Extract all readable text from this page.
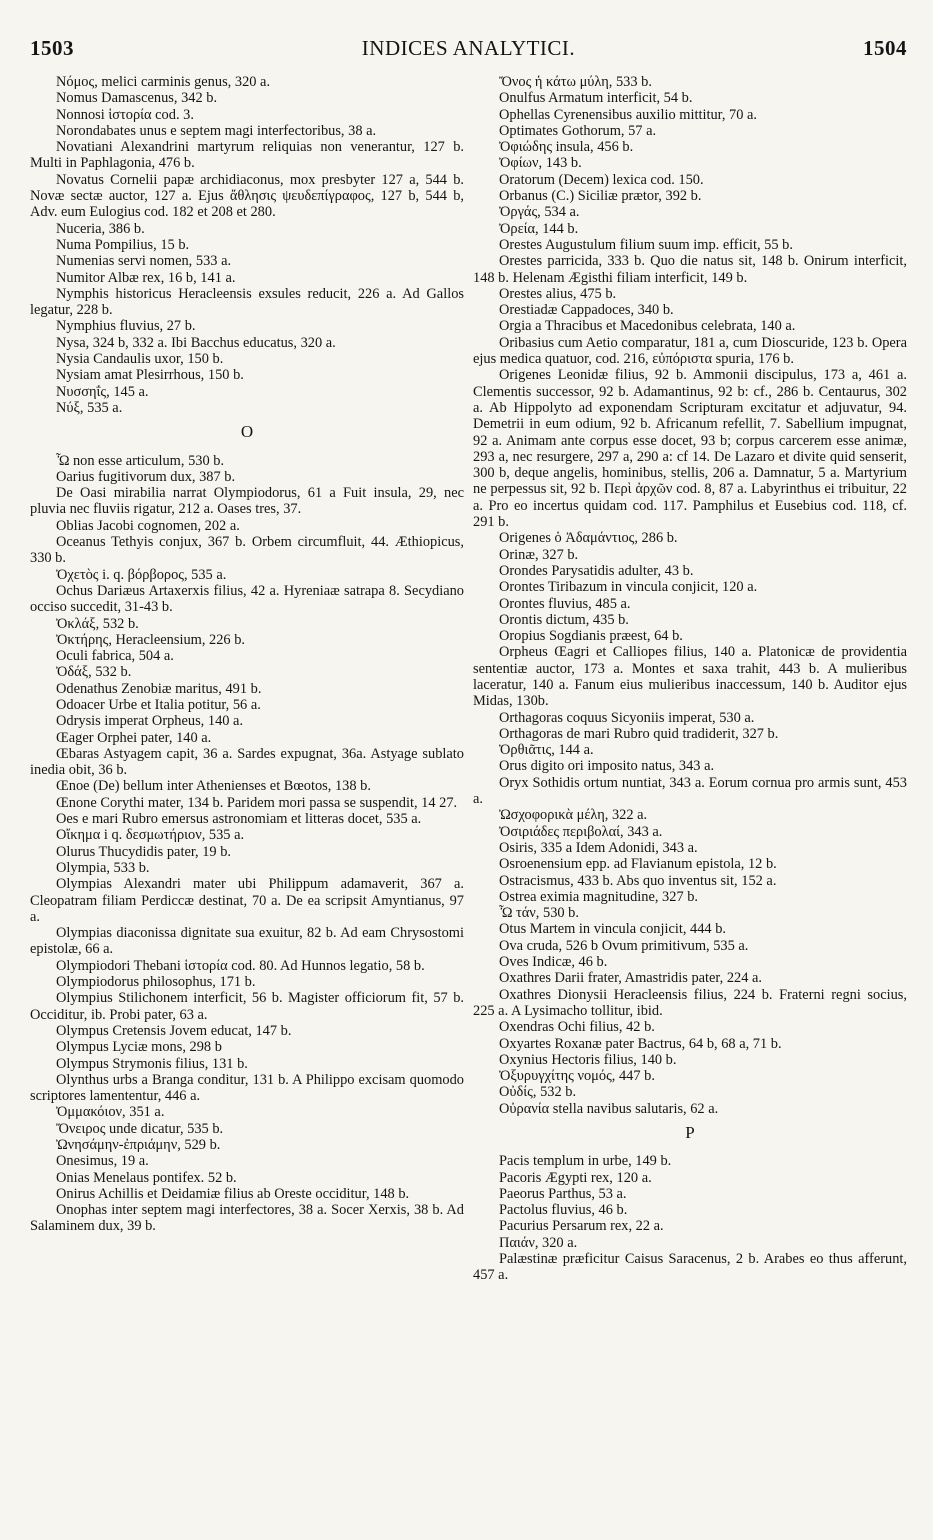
1503	INDICES ANALYTICI.	1504
Νόμος, melici carminis genus, 320 a.
Nomus Damascenus, 342 b.
Nonnosi ἱστορία cod. 3.
Norondabates unus e septem magi interfectoribus, 38 a.
Novatiani Alexandrini martyrum reliquias non venerantur, 127 b. Multi in Paphlagonia, 476 b.
Novatus Cornelii papæ archidiaconus, mox presbyter 127 a, 544 b. Novæ sectæ auctor, 127 a. Ejus ἄθλησις ψευδεπίγραφος, 127 b, 544 b, Adv. eum Eulogius cod. 182 et 208 et 280.
Nuceria, 386 b.
Numa Pompilius, 15 b.
Numenias servi nomen, 533 a.
Numitor Albæ rex, 16 b, 141 a.
Nymphis historicus Heracleensis exsules reducit, 226 a. Ad Gallos legatur, 228 b.
Nymphius fluvius, 27 b.
Nysa, 324 b, 332 a. Ibi Bacchus educatus, 320 a.
Nysia Candaulis uxor, 150 b.
Nysiam amat Plesirrhous, 150 b.
Νυσσηΐς, 145 a.
Νύξ, 535 a.
O
Ὦ non esse articulum, 530 b.
Oarius fugitivorum dux, 387 b.
De Oasi mirabilia narrat Olympiodorus, 61 a Fuit insula, 29, nec pluvia nec fluviis rigatur, 212 a. Oases tres, 37.
Oblias Jacobi cognomen, 202 a.
Oceanus Tethyis conjux, 367 b. Orbem circumfluit, 44. Æthiopicus, 330 b.
Ὀχετὸς i. q. βόρβορος, 535 a.
Ochus Dariæus Artaxerxis filius, 42 a. Hyreniaæ satrapa 8. Secydiano occiso succedit, 31-43 b.
Ὀκλάξ, 532 b.
Ὀκτήρης, Heracleensium, 226 b.
Oculi fabrica, 504 a.
Ὀδάξ, 532 b.
Odenathus Zenobiæ maritus, 491 b.
Odoacer Urbe et Italia potitur, 56 a.
Odrysis imperat Orpheus, 140 a.
Œager Orphei pater, 140 a.
Œbaras Astyagem capit, 36 a. Sardes expugnat, 36a. Astyage sublato inedia obit, 36 b.
Œnoe (De) bellum inter Athenienses et Bœotos, 138 b.
Œnone Corythi mater, 134 b. Paridem mori passa se suspendit, 14 27.
Oes e mari Rubro emersus astronomiam et litteras docet, 535 a.
Οἴκημα i q. δεσμωτήριον, 535 a.
Olurus Thucydidis pater, 19 b.
Olympia, 533 b.
Olympias Alexandri mater ubi Philippum adamaverit, 367 a. Cleopatram filiam Perdiccæ destinat, 70 a. De ea scripsit Amyntianus, 97 a.
Olympias diaconissa dignitate sua exuitur, 82 b. Ad eam Chrysostomi epistolæ, 66 a.
Olympiodori Thebani ἱστορία cod. 80. Ad Hunnos legatio, 58 b.
Olympiodorus philosophus, 171 b.
Olympius Stilichonem interficit, 56 b. Magister officiorum fit, 57 b. Occiditur, ib. Probi pater, 63 a.
Olympus Cretensis Jovem educat, 147 b.
Olympus Lyciæ mons, 298 b
Olympus Strymonis filius, 131 b.
Olynthus urbs a Branga conditur, 131 b. A Philippo excisam quomodo scriptores lamententur, 446 a.
Ὀμμακόιον, 351 a.
Ὄνειρος unde dicatur, 535 b.
Ὠνησάμην-ἐπριάμην, 529 b.
Onesimus, 19 a.
Onias Menelaus pontifex. 52 b.
Onirus Achillis et Deidamiæ filius ab Oreste occiditur, 148 b.
Onophas inter septem magi interfectores, 38 a. Socer Xerxis, 38 b. Ad Salaminem dux, 39 b.
Ὄνος ἡ κάτω μύλη, 533 b.
Onulfus Armatum interficit, 54 b.
Ophellas Cyrenensibus auxilio mittitur, 70 a.
Optimates Gothorum, 57 a.
Ὀφιώδης insula, 456 b.
Ὀφίων, 143 b.
Oratorum (Decem) lexica cod. 150.
Orbanus (C.) Siciliæ prætor, 392 b.
Ὀργάς, 534 a.
Ὀρεία, 144 b.
Orestes Augustulum filium suum imp. efficit, 55 b.
Orestes parricida, 333 b. Quo die natus sit, 148 b. Onirum interficit, 148 b. Helenam Ægisthi filiam interficit, 149 b.
Orestes alius, 475 b.
Orestiadæ Cappadoces, 340 b.
Orgia a Thracibus et Macedonibus celebrata, 140 a.
Oribasius cum Aetio comparatur, 181 a, cum Dioscuride, 123 b. Opera ejus medica quatuor, cod. 216, εὐπόριστα spuria, 176 b.
Origenes Leonidæ filius, 92 b. Ammonii discipulus, 173 a, 461 a. Clementis successor, 92 b. Adamantinus, 92 b: cf., 286 b. Centaurus, 302 a. Ab Hippolyto ad exponendam Scripturam excitatur et adjuvatur, 94. Demetrii in eum odium, 92 b. Africanum refellit, 7. Sabellium impugnat, 92 a. Animam ante corpus esse docet, 93 b; corpus carcerem esse animæ, 293 a, nec resurgere, 297 a, 290 a: cf 14. De Lazaro et divite quid senserit, 300 b, deque angelis, hominibus, stellis, 206 a. Damnatur, 5 a. Martyrium ne perpessus sit, 92 b. Περὶ ἀρχῶν cod. 8, 87 a. Labyrinthus ei tribuitur, 22 a. Pro eo incertus quidam cod. 117. Pamphilus et Eusebius cod. 118, cf. 291 b.
Origenes ὁ Ἀδαμάντιος, 286 b.
Orinæ, 327 b.
Orondes Parysatidis adulter, 43 b.
Orontes Tiribazum in vincula conjicit, 120 a.
Orontes fluvius, 485 a.
Orontis dictum, 435 b.
Oropius Sogdianis præest, 64 b.
Orpheus Œagri et Calliopes filius, 140 a. Platonicæ de providentia sententiæ auctor, 173 a. Montes et saxa trahit, 443 b. A mulieribus laceratur, 140 a. Fanum eius mulieribus inaccessum, 140 b. Auditor ejus Midas, 130b.
Orthagoras coquus Sicyoniis imperat, 530 a.
Orthagoras de mari Rubro quid tradiderit, 327 b.
Ὀρθιᾶτις, 144 a.
Orus digito ori imposito natus, 343 a.
Oryx Sothidis ortum nuntiat, 343 a. Eorum cornua pro armis sunt, 453 a.
Ὠσχοφορικὰ μέλη, 322 a.
Ὀσιριάδες περιβολαί, 343 a.
Osiris, 335 a Idem Adonidi, 343 a.
Osroenensium epp. ad Flavianum epistola, 12 b.
Ostracismus, 433 b. Abs quo inventus sit, 152 a.
Ostrea eximia magnitudine, 327 b.
Ὦ τάν, 530 b.
Otus Martem in vincula conjicit, 444 b.
Ova cruda, 526 b Ovum primitivum, 535 a.
Oves Indicæ, 46 b.
Oxathres Darii frater, Amastridis pater, 224 a.
Oxathres Dionysii Heracleensis filius, 224 b. Fraterni regni socius, 225 a. A Lysimacho tollitur, ibid.
Oxendras Ochi filius, 42 b.
Oxyartes Roxanæ pater Bactrus, 64 b, 68 a, 71 b.
Oxynius Hectoris filius, 140 b.
Ὀξυρυγχίτης νομός, 447 b.
Οὐδίς, 532 b.
Οὐρανία stella navibus salutaris, 62 a.
P
Pacis templum in urbe, 149 b.
Pacoris Ægypti rex, 120 a.
Paeorus Parthus, 53 a.
Pactolus fluvius, 46 b.
Pacurius Persarum rex, 22 a.
Παιάν, 320 a.
Palæstinæ præficitur Caisus Saracenus, 2 b. Arabes eo thus afferunt, 457 a.
